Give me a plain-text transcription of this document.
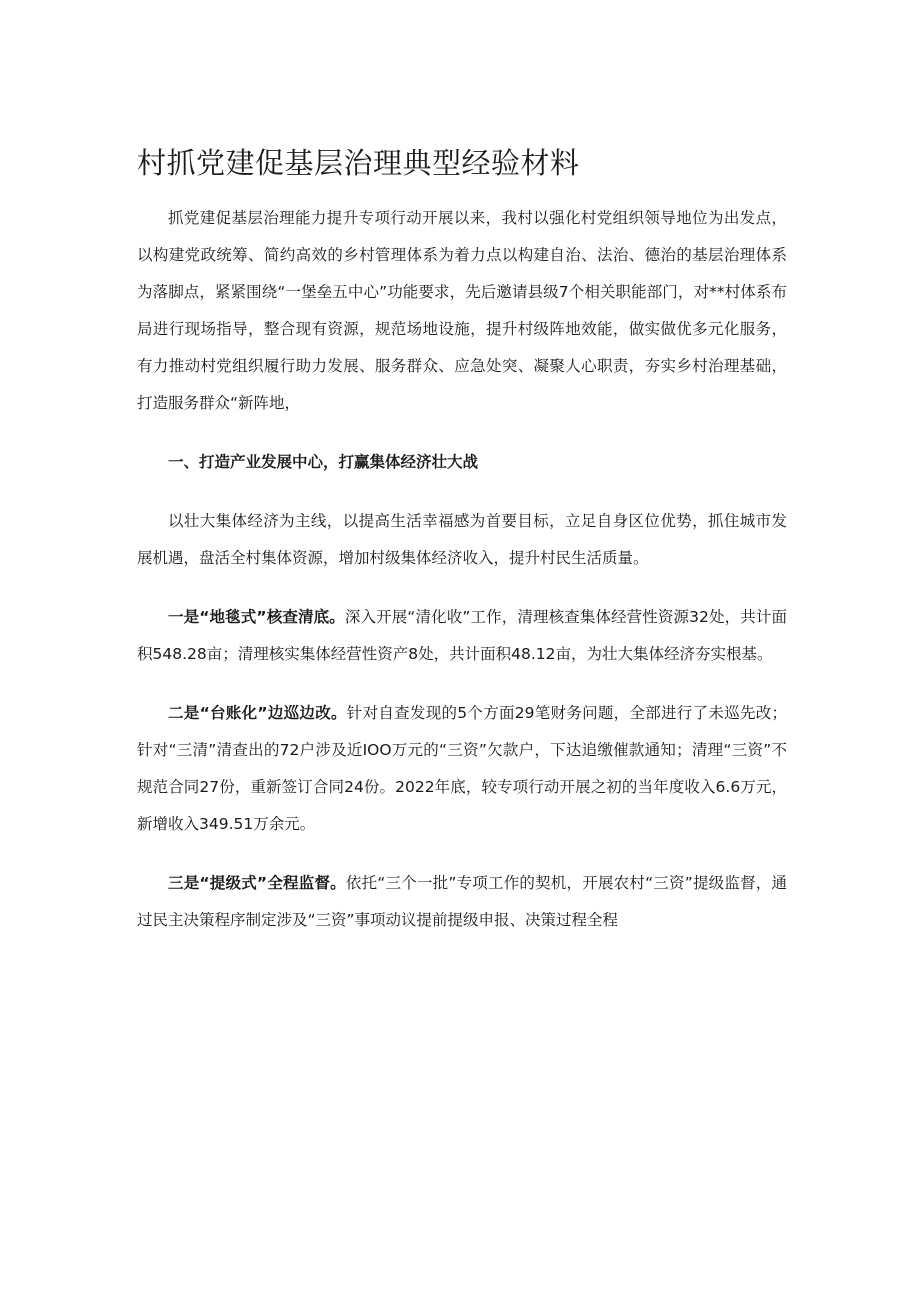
村抓党建促基层治理典型经验材料

抓党建促基层治理能力提升专项行动开展以来，我村以强化村党组织领导地位为出发点，以构建党政统筹、简约高效的乡村管理体系为着力点以构建自治、法治、德治的基层治理体系为落脚点，紧紧围绕“一堡垒五中心”功能要求，先后邀请县级7个相关职能部门，对**村体系布局进行现场指导，整合现有资源，规范场地设施，提升村级阵地效能，做实做优多元化服务，有力推动村党组织履行助力发展、服务群众、应急处突、凝聚人心职责，夯实乡村治理基础，打造服务群众“新阵地，

一、打造产业发展中心，打赢集体经济壮大战

以壮大集体经济为主线，以提高生活幸福感为首要目标，立足自身区位优势，抓住城市发展机遇，盘活全村集体资源，增加村级集体经济收入，提升村民生活质量。

一是“地毯式”核查清底。深入开展“清化收”工作，清理核查集体经营性资源32处，共计面积548.28亩；清理核实集体经营性资产8处，共计面积48.12亩，为壮大集体经济夯实根基。

二是“台账化”边巡边改。针对自查发现的5个方面29笔财务问题，全部进行了未巡先改；针对“三清”清查出的72户涉及近IOO万元的“三资”欠款户，下达追缴催款通知；清理“三资”不规范合同27份，重新签订合同24份。2022年底，较专项行动开展之初的当年度收入6.6万元，新增收入349.51万余元。

三是“提级式”全程监督。依托“三个一批”专项工作的契机，开展农村“三资”提级监督，通过民主决策程序制定涉及“三资”事项动议提前提级申报、决策过程全程
